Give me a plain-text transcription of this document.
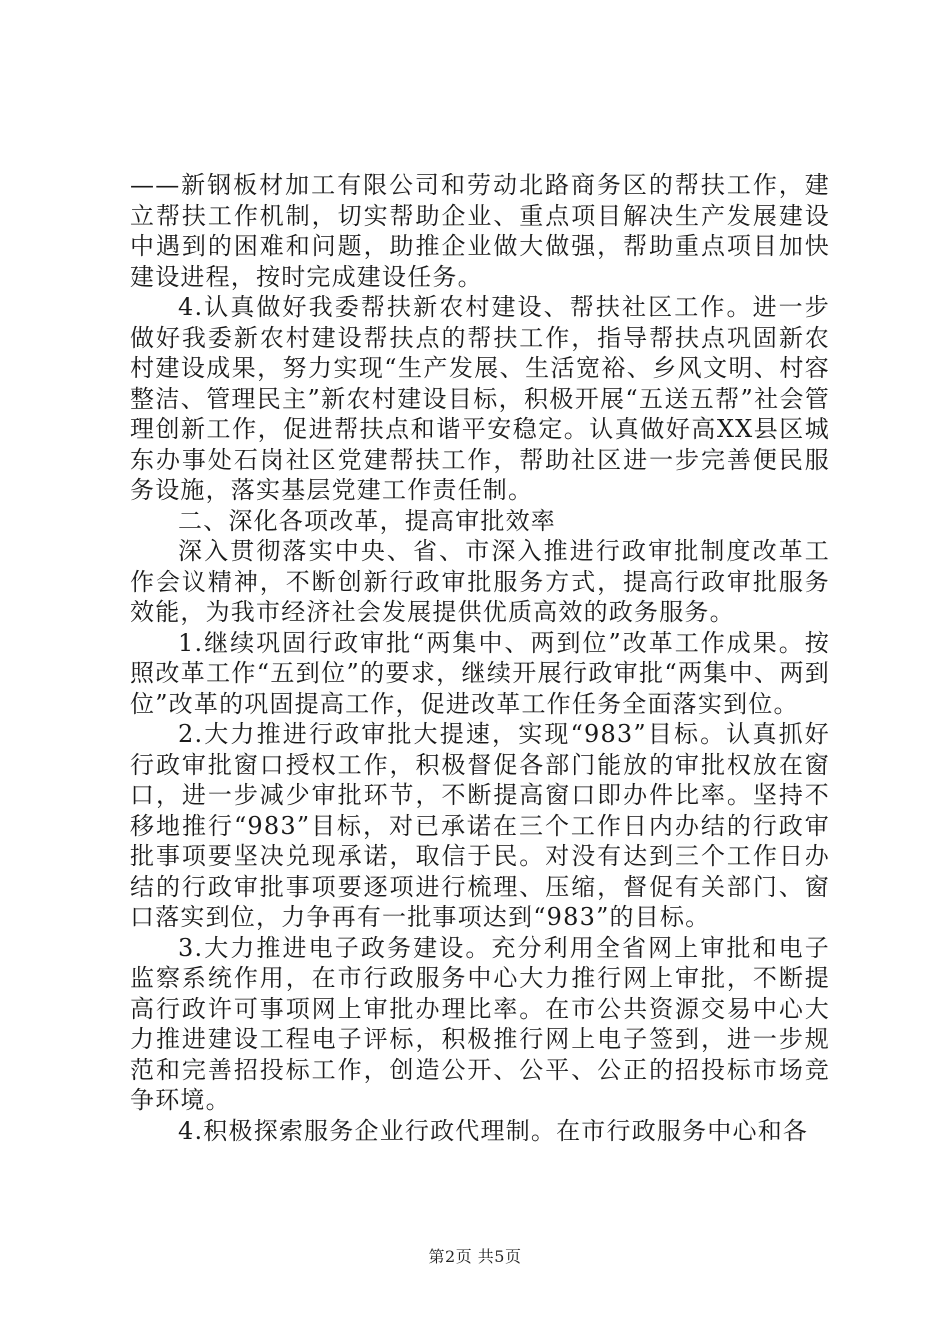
——新钢板材加工有限公司和劳动北路商务区的帮扶工作，建立帮扶工作机制，切实帮助企业、重点项目解决生产发展建设中遇到的困难和问题，助推企业做大做强，帮助重点项目加快建设进程，按时完成建设任务。

4.认真做好我委帮扶新农村建设、帮扶社区工作。进一步做好我委新农村建设帮扶点的帮扶工作，指导帮扶点巩固新农村建设成果，努力实现“生产发展、生活宽裕、乡风文明、村容整洁、管理民主”新农村建设目标，积极开展“五送五帮”社会管理创新工作，促进帮扶点和谐平安稳定。认真做好高XX县区城东办事处石岗社区党建帮扶工作，帮助社区进一步完善便民服务设施，落实基层党建工作责任制。

二、深化各项改革，提高审批效率

深入贯彻落实中央、省、市深入推进行政审批制度改革工作会议精神，不断创新行政审批服务方式，提高行政审批服务效能，为我市经济社会发展提供优质高效的政务服务。

1.继续巩固行政审批“两集中、两到位”改革工作成果。按照改革工作“五到位”的要求，继续开展行政审批“两集中、两到位”改革的巩固提高工作，促进改革工作任务全面落实到位。

2.大力推进行政审批大提速，实现“983”目标。认真抓好行政审批窗口授权工作，积极督促各部门能放的审批权放在窗口，进一步减少审批环节，不断提高窗口即办件比率。坚持不移地推行“983”目标，对已承诺在三个工作日内办结的行政审批事项要坚决兑现承诺，取信于民。对没有达到三个工作日办结的行政审批事项要逐项进行梳理、压缩，督促有关部门、窗口落实到位，力争再有一批事项达到“983”的目标。

3.大力推进电子政务建设。充分利用全省网上审批和电子监察系统作用，在市行政服务中心大力推行网上审批，不断提高行政许可事项网上审批办理比率。在市公共资源交易中心大力推进建设工程电子评标，积极推行网上电子签到，进一步规范和完善招投标工作，创造公开、公平、公正的招投标市场竞争环境。

4.积极探索服务企业行政代理制。在市行政服务中心和各

第2页 共5页
